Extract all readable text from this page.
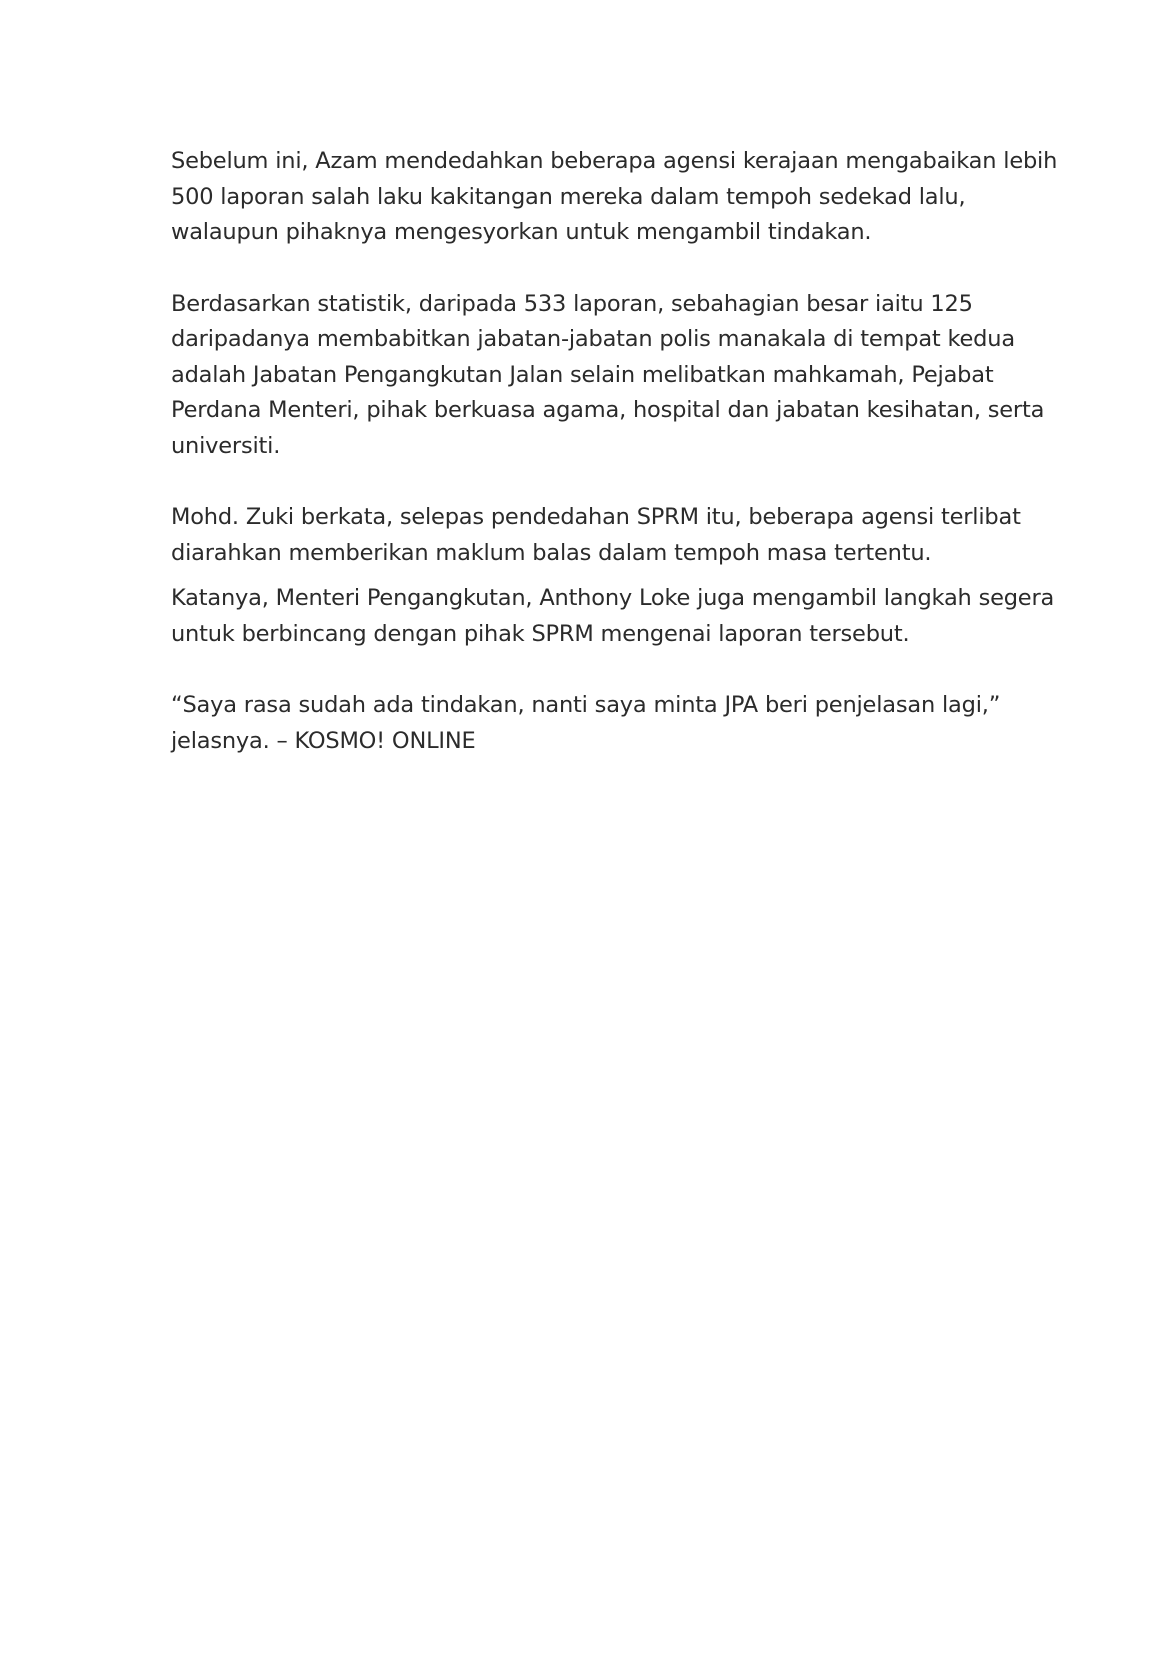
Sebelum ini, Azam mendedahkan beberapa agensi kerajaan mengabaikan lebih 500 laporan salah laku kakitangan mereka dalam tempoh sedekad lalu, walaupun pihaknya mengesyorkan untuk mengambil tindakan.

Berdasarkan statistik, daripada 533 laporan, sebahagian besar iaitu 125 daripadanya membabitkan jabatan-jabatan polis manakala di tempat kedua adalah Jabatan Pengangkutan Jalan selain melibatkan mahkamah, Pejabat Perdana Menteri, pihak berkuasa agama, hospital dan jabatan kesihatan, serta universiti.

Mohd. Zuki berkata, selepas pendedahan SPRM itu, beberapa agensi terlibat diarahkan memberikan maklum balas dalam tempoh masa tertentu.

Katanya, Menteri Pengangkutan, Anthony Loke juga mengambil langkah segera untuk berbincang dengan pihak SPRM mengenai laporan tersebut.

“Saya rasa sudah ada tindakan, nanti saya minta JPA beri penjelasan lagi,” jelasnya. – KOSMO! ONLINE
